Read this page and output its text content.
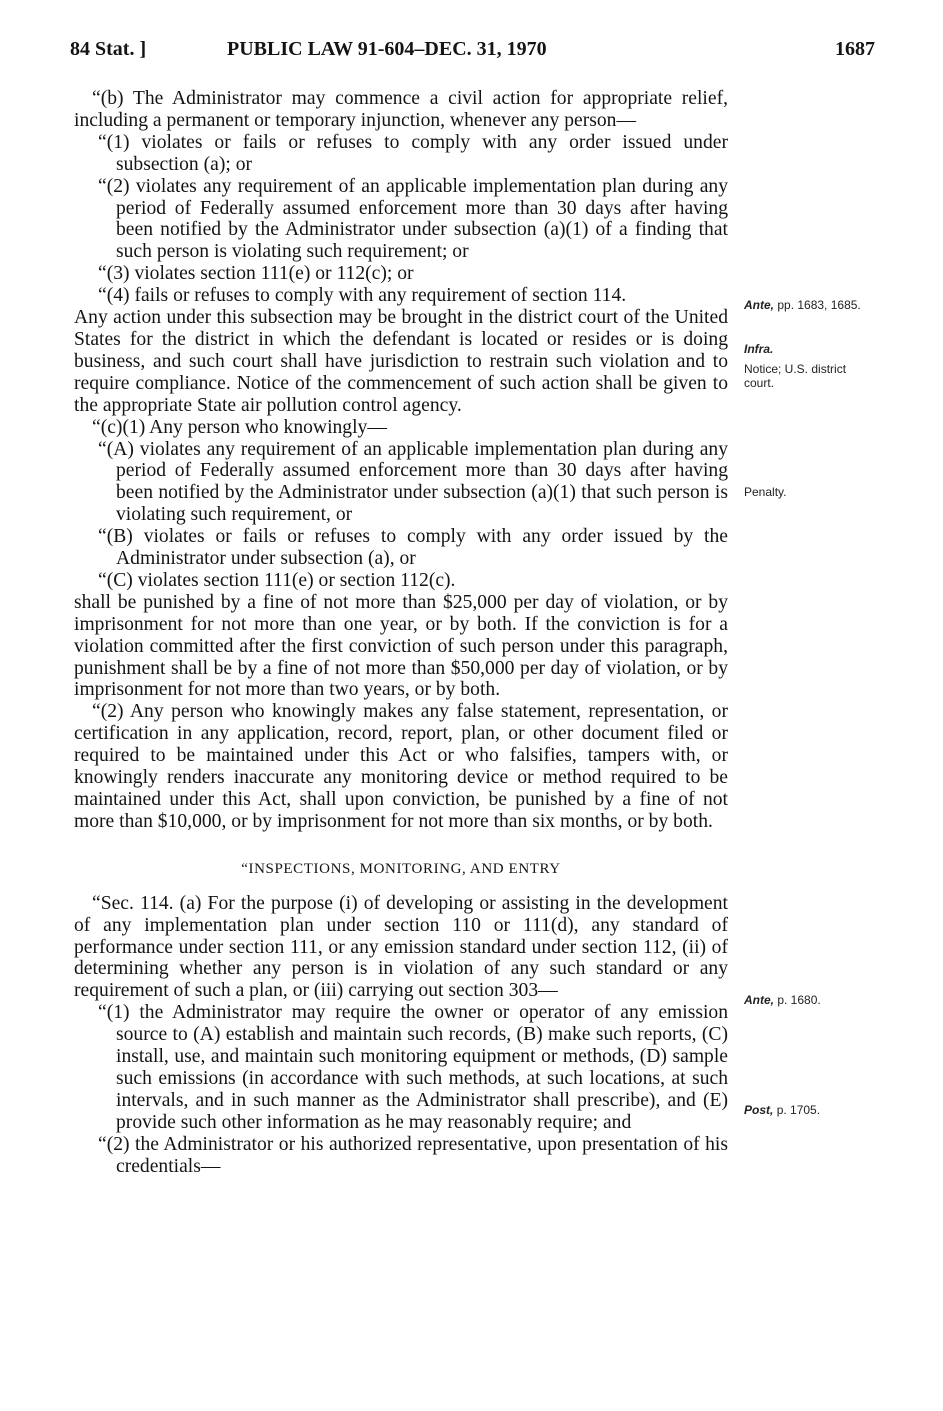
84 Stat. ]	PUBLIC LAW 91-604–DEC. 31, 1970	1687

“(b) The Administrator may commence a civil action for appropriate relief, including a permanent or temporary injunction, whenever any person—

“(1) violates or fails or refuses to comply with any order issued under subsection (a); or

“(2) violates any requirement of an applicable implementation plan during any period of Federally assumed enforcement more than 30 days after having been notified by the Administrator under subsection (a)(1) of a finding that such person is violating such requirement; or

“(3) violates section 111(e) or 112(c); or

“(4) fails or refuses to comply with any requirement of section 114.

Any action under this subsection may be brought in the district court of the United States for the district in which the defendant is located or resides or is doing business, and such court shall have jurisdiction to restrain such violation and to require compliance. Notice of the commencement of such action shall be given to the appropriate State air pollution control agency.

“(c)(1) Any person who knowingly—

“(A) violates any requirement of an applicable implementation plan during any period of Federally assumed enforcement more than 30 days after having been notified by the Administrator under subsection (a)(1) that such person is violating such requirement, or

“(B) violates or fails or refuses to comply with any order issued by the Administrator under subsection (a), or

“(C) violates section 111(e) or section 112(c).

shall be punished by a fine of not more than $25,000 per day of violation, or by imprisonment for not more than one year, or by both. If the conviction is for a violation committed after the first conviction of such person under this paragraph, punishment shall be by a fine of not more than $50,000 per day of violation, or by imprisonment for not more than two years, or by both.

“(2) Any person who knowingly makes any false statement, representation, or certification in any application, record, report, plan, or other document filed or required to be maintained under this Act or who falsifies, tampers with, or knowingly renders inaccurate any monitoring device or method required to be maintained under this Act, shall upon conviction, be punished by a fine of not more than $10,000, or by imprisonment for not more than six months, or by both.

“INSPECTIONS, MONITORING, AND ENTRY

“Sec. 114. (a) For the purpose (i) of developing or assisting in the development of any implementation plan under section 110 or 111(d), any standard of performance under section 111, or any emission standard under section 112, (ii) of determining whether any person is in violation of any such standard or any requirement of such a plan, or (iii) carrying out section 303—

“(1) the Administrator may require the owner or operator of any emission source to (A) establish and maintain such records, (B) make such reports, (C) install, use, and maintain such monitoring equipment or methods, (D) sample such emissions (in accordance with such methods, at such locations, at such intervals, and in such manner as the Administrator shall prescribe), and (E) provide such other information as he may reasonably require; and

“(2) the Administrator or his authorized representative, upon presentation of his credentials—

Ante, pp. 1683, 1685.
Infra.
Notice; U.S. district court.
Penalty.
Ante, p. 1680.
Post, p. 1705.
